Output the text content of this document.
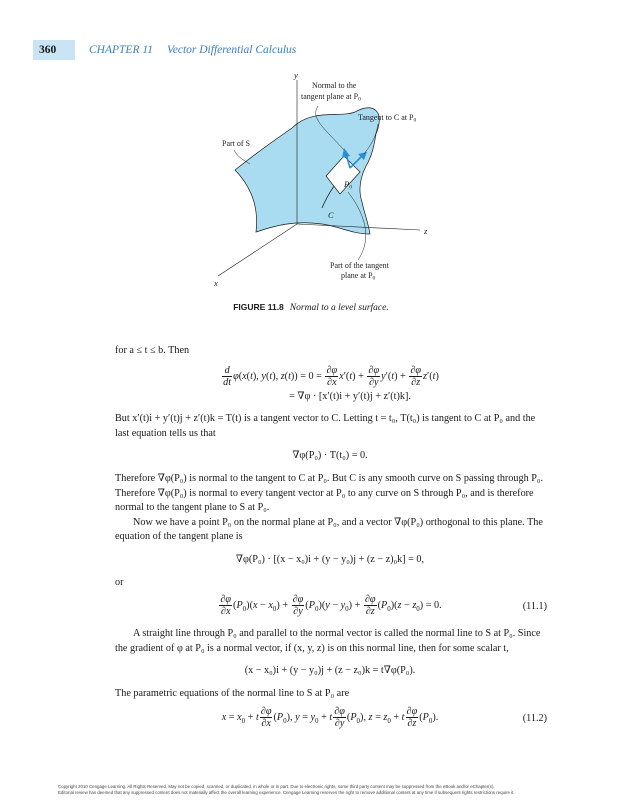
360	CHAPTER 11 Vector Differential Calculus
y
z
x
Normal to the
tangent plane at P0
Tangent to C at P0
Part of S
P0
C
Part of the tangent
plane at P0
FIGURE 11.8 Normal to a level surface.

for a ≤ t ≤ b. Then

$\frac{d}{dt} \varphi(x(t)$, y(t), $z(t)) = 0 = \frac{\partial\varphi}{\partial x} x'(t) + \frac{\partial\varphi}{\partial y} y'(t) + \frac{\partial\varphi}{\partial z} z'(t)$

= ∇φ · [x′(t)i + y′(t)j + z′(t)k].

But x′(t)i + y′(t)j + z′(t)k = T(t) is a tangent vector to C. Letting t = t₀, T(t₀) is tangent to C at P₀ and the last equation tells us that

∇φ(P₀) · T(t₀) = 0.

Therefore ∇φ(P₀) is normal to the tangent to C at P₀. But C is any smooth curve on S passing through P₀. Therefore ∇φ(P₀) is normal to every tangent vector at P₀ to any curve on S through P₀, and is therefore normal to the tangent plane to S at P₀.

Now we have a point P₀ on the normal plane at P₀, and a vector ∇φ(P₀) orthogonal to this plane. The equation of the tangent plane is

∇φ(P₀) · [(x − x₀)i + (y − y₀)j + (z − z)₀k] = 0,

or

$\frac{\partial\varphi}{\partial x} (P_0)(x - x_0) + \frac{\partial\varphi}{\partial y} (P_0)(y - y_0) + \frac{\partial\varphi}{\partial z} (P_0)(z - z_0) = 0$.	(11.1)

A straight line through P₀ and parallel to the normal vector is called the normal line to S at P₀. Since the gradient of φ at P₀ is a normal vector, if (x, y, z) is on this normal line, then for some scalar t,

(x − x₀)i + (y − y₀)j + (z − z₀)k = t∇φ(P₀).

The parametric equations of the normal line to S at P₀ are

$x = x_0 + t \frac{\partial\varphi}{\partial x} (P_0)$, $y = y_0 + t \frac{\partial\varphi}{\partial y} (P_0)$, $z = z_0 + t \frac{\partial\varphi}{\partial z} (P_0)$.	(11.2)

Copyright 2010 Cengage Learning. All Rights Reserved. May not be copied, scanned, or duplicated, in whole or in part. Due to electronic rights, some third party content may be suppressed from the eBook and/or eChapter(s).
Editorial review has deemed that any suppressed content does not materially affect the overall learning experience. Cengage Learning reserves the right to remove additional content at any time if subsequent rights restrictions require it.
